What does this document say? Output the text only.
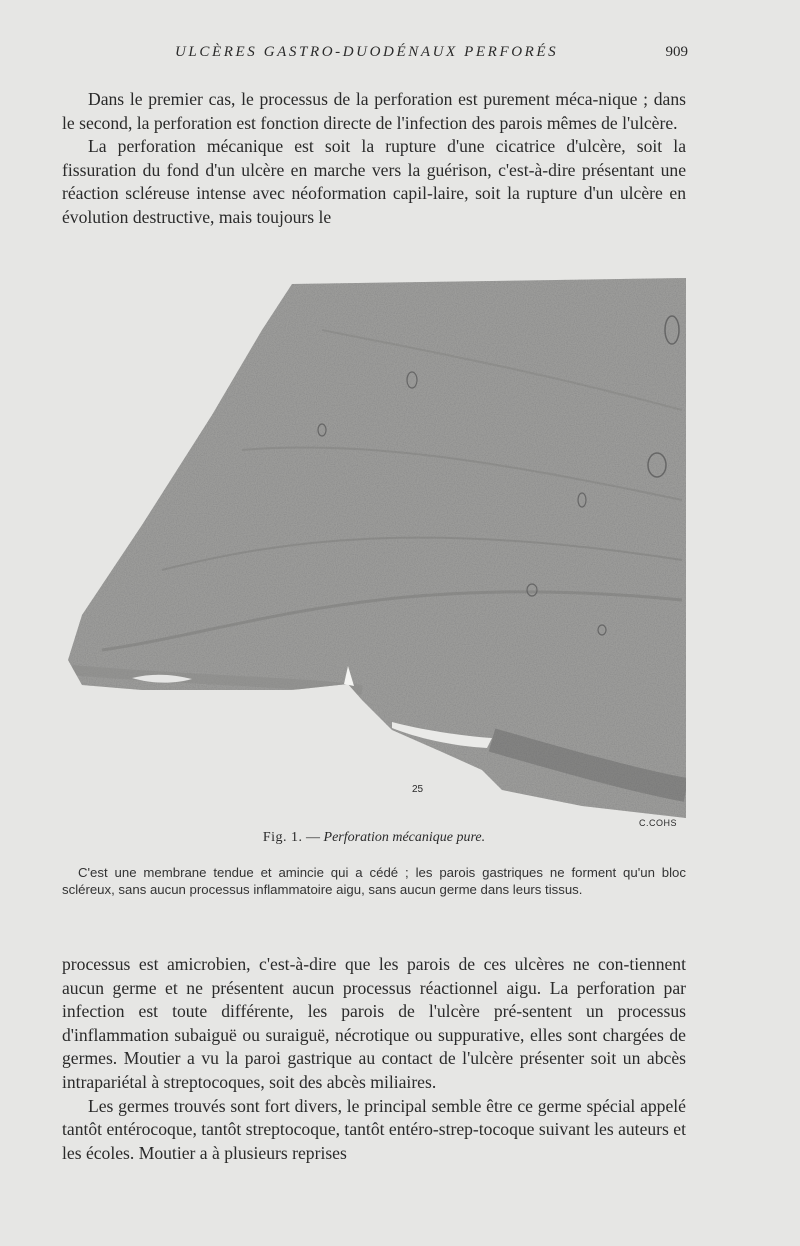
ULCÈRES GASTRO-DUODÉNAUX PERFORÉS	909

Dans le premier cas, le processus de la perforation est purement méca-nique ; dans le second, la perforation est fonction directe de l'infection des parois mêmes de l'ulcère.

La perforation mécanique est soit la rupture d'une cicatrice d'ulcère, soit la fissuration du fond d'un ulcère en marche vers la guérison, c'est-à-dire présentant une réaction scléreuse intense avec néoformation capil-laire, soit la rupture d'un ulcère en évolution destructive, mais toujours le

25
C.COHS
Fig. 1. — Perforation mécanique pure.
C'est une membrane tendue et amincie qui a cédé ; les parois gastriques ne forment qu'un bloc scléreux, sans aucun processus inflammatoire aigu, sans aucun germe dans leurs tissus.

processus est amicrobien, c'est-à-dire que les parois de ces ulcères ne con-tiennent aucun germe et ne présentent aucun processus réactionnel aigu. La perforation par infection est toute différente, les parois de l'ulcère pré-sentent un processus d'inflammation subaiguë ou suraiguë, nécrotique ou suppurative, elles sont chargées de germes. Moutier a vu la paroi gastrique au contact de l'ulcère présenter soit un abcès intrapariétal à streptocoques, soit des abcès miliaires.

Les germes trouvés sont fort divers, le principal semble être ce germe spécial appelé tantôt entérocoque, tantôt streptocoque, tantôt entéro-strep-tocoque suivant les auteurs et les écoles. Moutier a à plusieurs reprises
